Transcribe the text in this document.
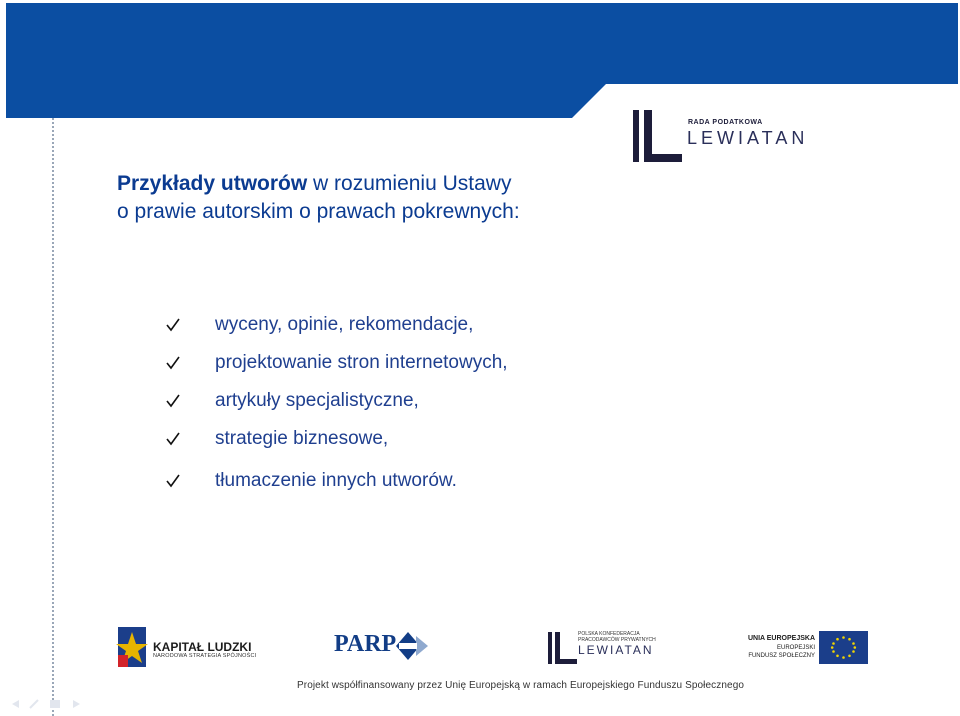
RADA PODATKOWA
LEWIATAN
Przykłady utworów w rozumieniu Ustawy
o prawie autorskim o prawach pokrewnych:
wyceny, opinie, rekomendacje,
projektowanie stron internetowych,
artykuły specjalistyczne,
strategie biznesowe,
tłumaczenie innych utworów.
KAPITAŁ LUDZKI
NARODOWA STRATEGIA SPÓJNOŚCI	PARP	POLSKA KONFEDERACJA
PRACODAWCÓW PRYWATNYCH
LEWIATAN
UNIA EUROPEJSKA
EUROPEJSKI
FUNDUSZ SPOŁECZNY
Projekt współfinansowany przez Unię Europejską w ramach Europejskiego Funduszu Społecznego
